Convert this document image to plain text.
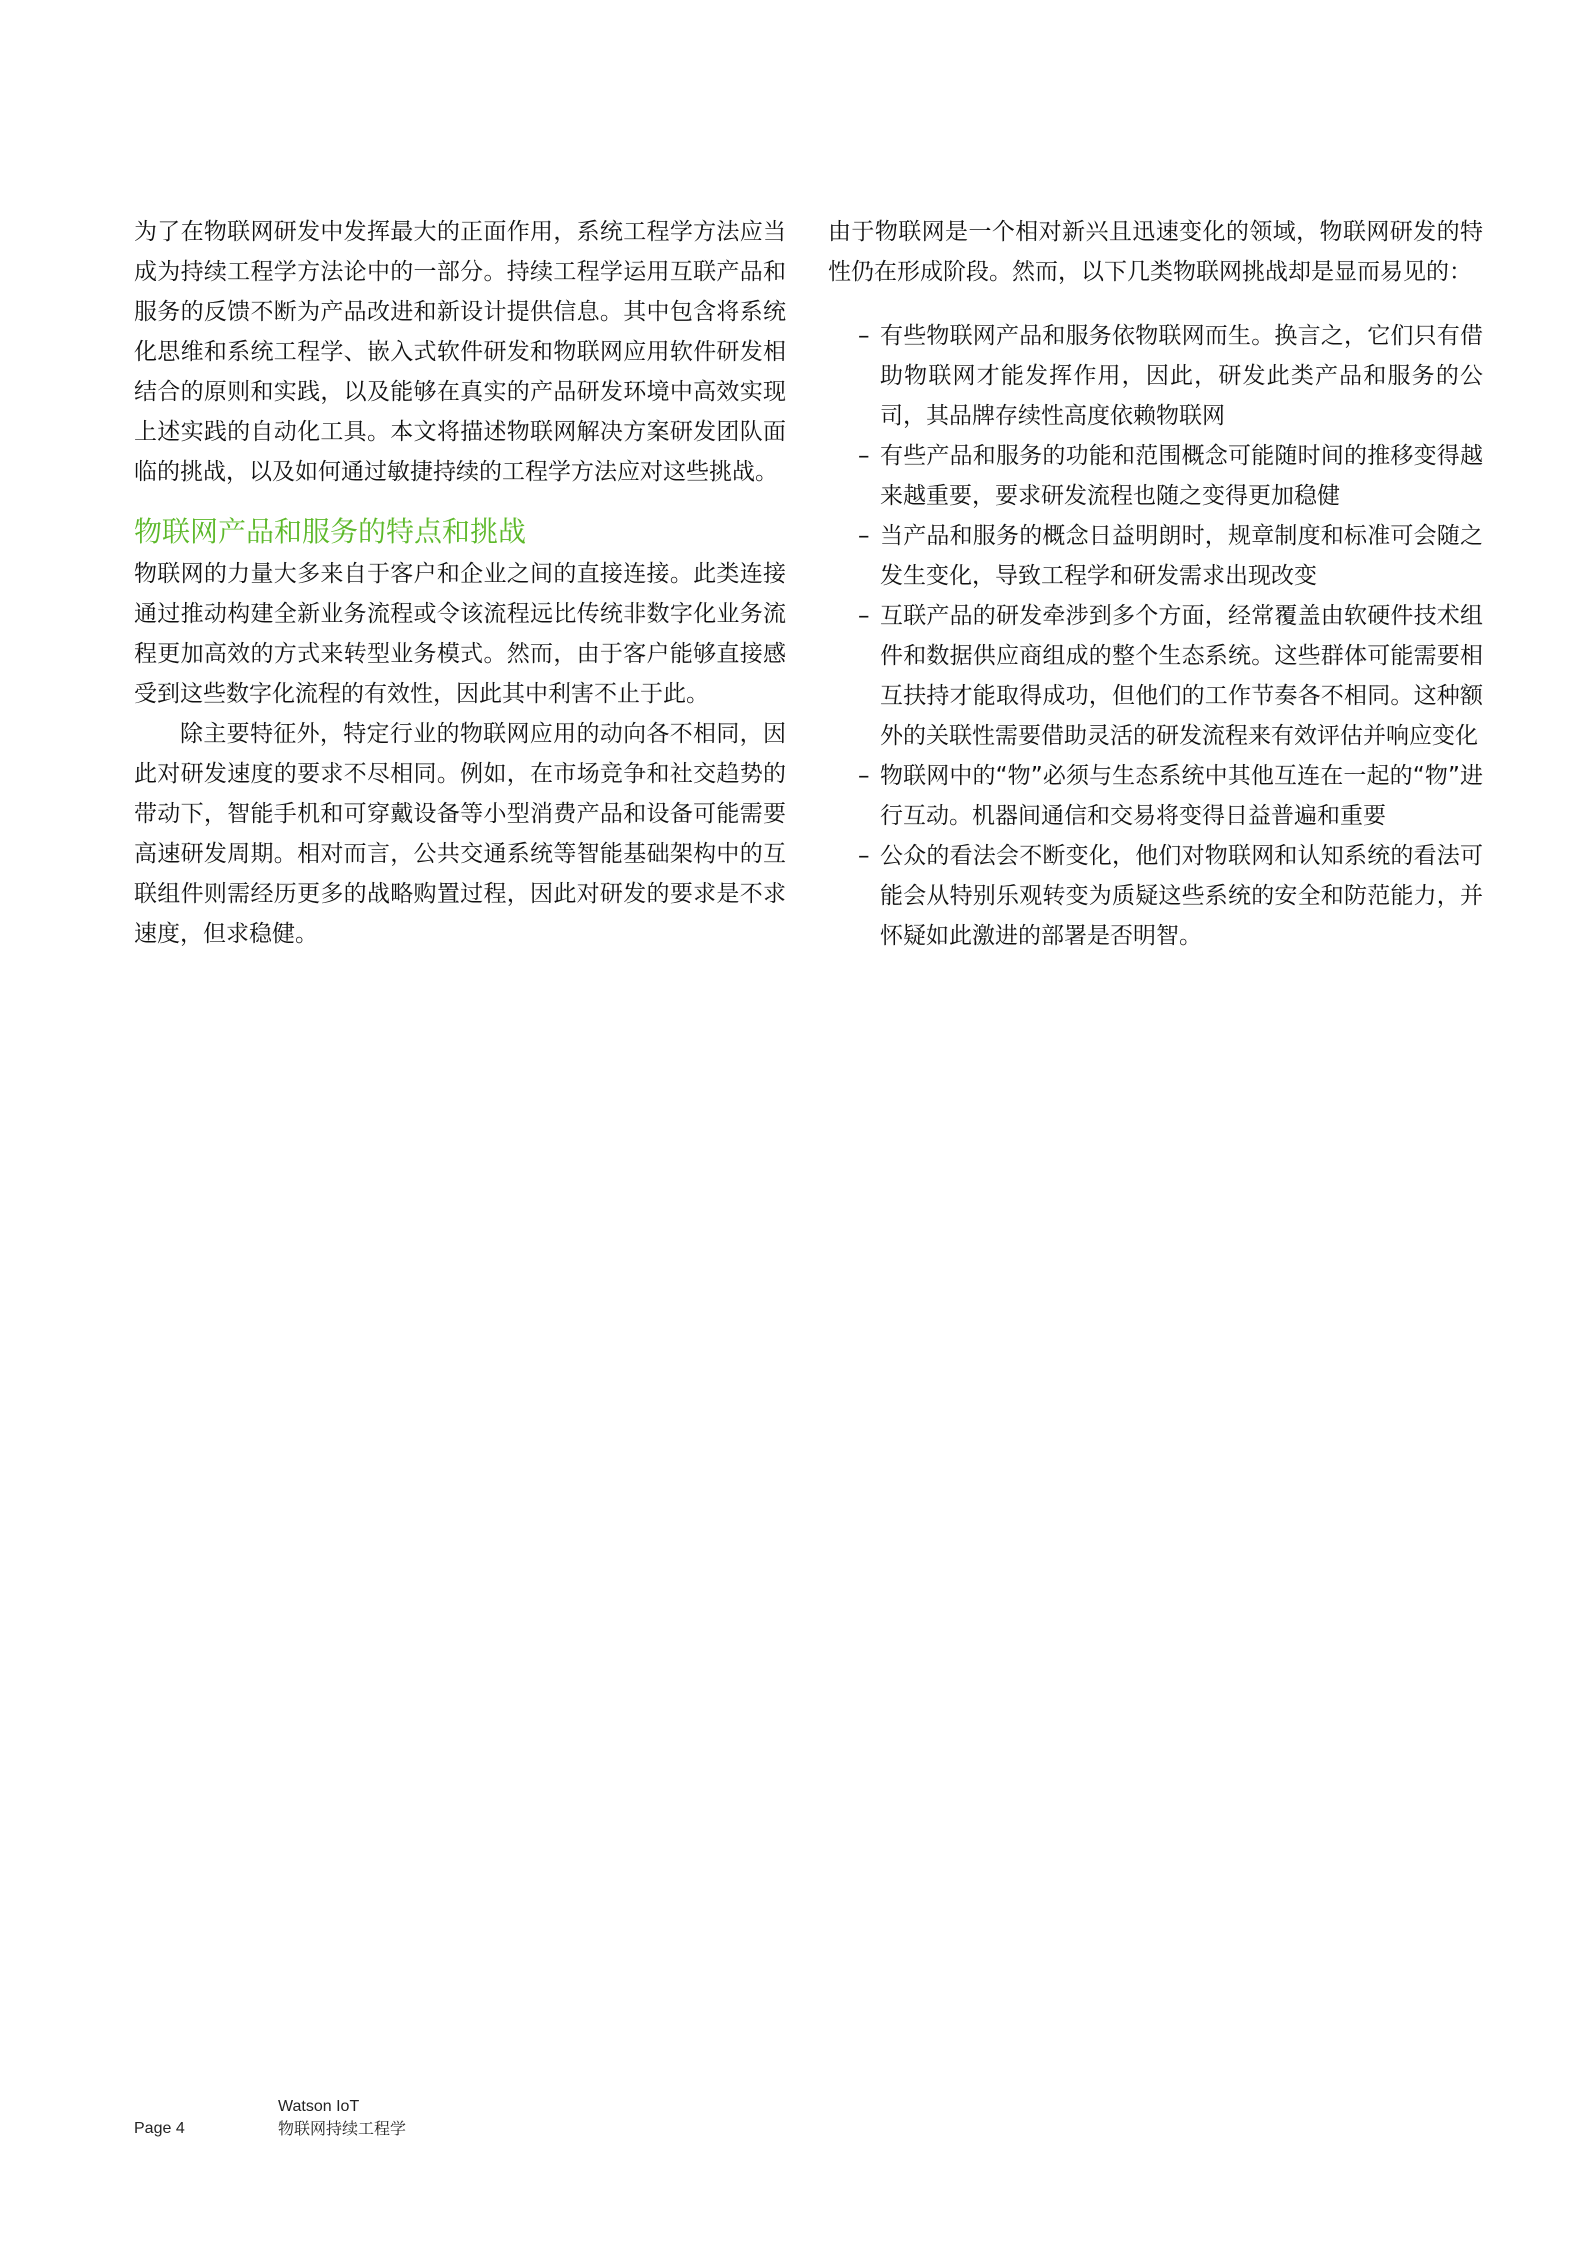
为了在物联网研发中发挥最大的正面作用，系统工程学方法应当成为持续工程学方法论中的一部分。持续工程学运用互联产品和服务的反馈不断为产品改进和新设计提供信息。其中包含将系统化思维和系统工程学、嵌入式软件研发和物联网应用软件研发相结合的原则和实践，以及能够在真实的产品研发环境中高效实现上述实践的自动化工具。本文将描述物联网解决方案研发团队面临的挑战，以及如何通过敏捷持续的工程学方法应对这些挑战。

物联网产品和服务的特点和挑战

物联网的力量大多来自于客户和企业之间的直接连接。此类连接通过推动构建全新业务流程或令该流程远比传统非数字化业务流程更加高效的方式来转型业务模式。然而，由于客户能够直接感受到这些数字化流程的有效性，因此其中利害不止于此。

除主要特征外，特定行业的物联网应用的动向各不相同，因此对研发速度的要求不尽相同。例如，在市场竞争和社交趋势的带动下，智能手机和可穿戴设备等小型消费产品和设备可能需要高速研发周期。相对而言，公共交通系统等智能基础架构中的互联组件则需经历更多的战略购置过程，因此对研发的要求是不求速度，但求稳健。

由于物联网是一个相对新兴且迅速变化的领域，物联网研发的特性仍在形成阶段。然而，以下几类物联网挑战却是显而易见的：

– 有些物联网产品和服务依物联网而生。换言之，它们只有借助物联网才能发挥作用，因此，研发此类产品和服务的公司，其品牌存续性高度依赖物联网
– 有些产品和服务的功能和范围概念可能随时间的推移变得越来越重要，要求研发流程也随之变得更加稳健
– 当产品和服务的概念日益明朗时，规章制度和标准可会随之发生变化，导致工程学和研发需求出现改变
– 互联产品的研发牵涉到多个方面，经常覆盖由软硬件技术组件和数据供应商组成的整个生态系统。这些群体可能需要相互扶持才能取得成功，但他们的工作节奏各不相同。这种额外的关联性需要借助灵活的研发流程来有效评估并响应变化
– 物联网中的“物”必须与生态系统中其他互连在一起的“物”进行互动。机器间通信和交易将变得日益普遍和重要
– 公众的看法会不断变化，他们对物联网和认知系统的看法可能会从特别乐观转变为质疑这些系统的安全和防范能力，并怀疑如此激进的部署是否明智。
Page 4
Watson IoT
物联网持续工程学
